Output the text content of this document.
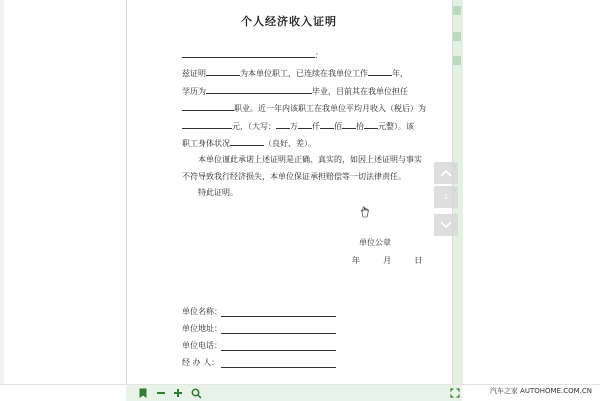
个人经济收入证明
：
兹证明	为本单位职工，已连续在我单位工作	年，
学历为	毕业，目前其在我单位担任
职业。近一年内该职工在我单位平均月收入（税后）为
元，（大写： 万 仟 佰 拾 元整）。该
职工身体状况	（良好、差）。
本单位谨此承诺上述证明是正确、真实的，如因上述证明与事实
不符导致我行经济损失，本单位保证承担赔偿等一切法律责任。
特此证明。
单位公章
年	月	日
单位名称：
单位地址：
单位电话：
经 办 人：
1
汽车之家 AUTOHOME.COM.CN
